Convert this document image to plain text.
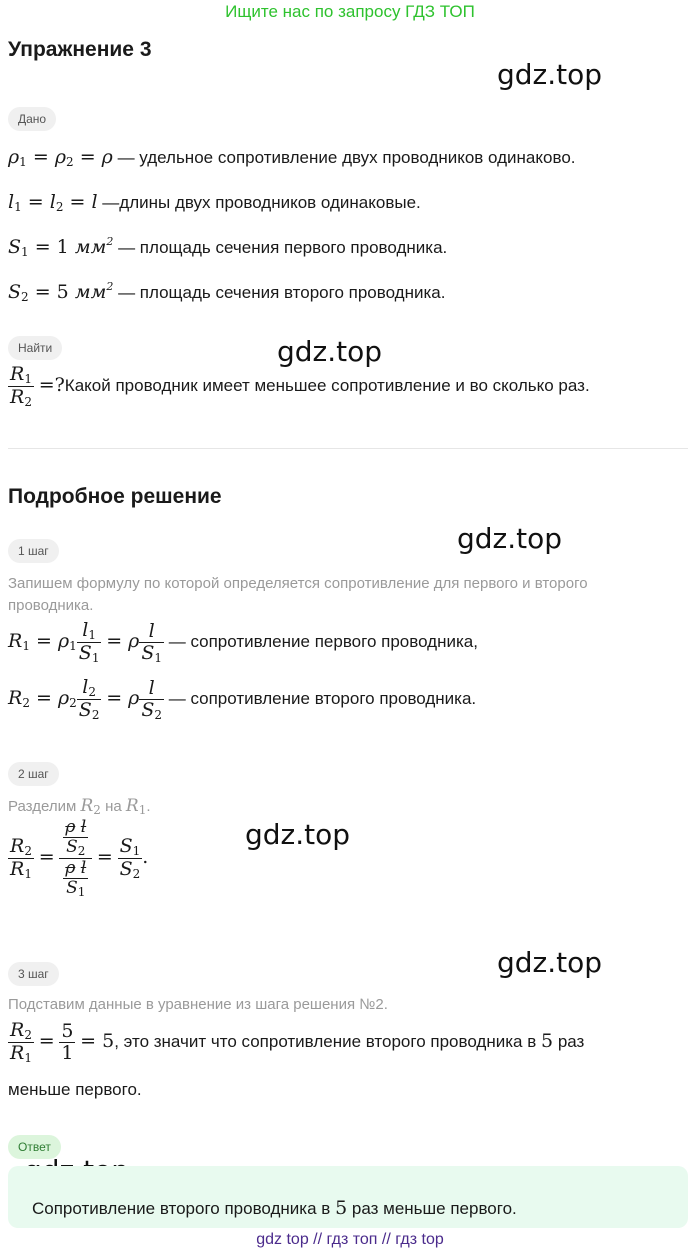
Ищите нас по запросу ГДЗ ТОП
Упражнение 3
gdz.top
gdz.top
gdz.top
gdz.top
gdz.top
Дано
$\rho_1 = \rho_2 = \rho$ — удельное сопротивление двух проводников одинаково.
$l_1 = l_2 = l$ —длины двух проводников одинаковые.
$S_1 = 1$ $мм^2$ — площадь сечения первого проводника.
$S_2 = 5$ $мм^2$ — площадь сечения второго проводника.
Найти
$\frac{R_1}{R_2}$ =?Какой проводник имеет меньшее сопротивление и во сколько раз.
Подробное решение
1 шаг
Запишем формулу по которой определяется сопротивление для первого и второго проводника.
$R_1 = \rho_1 \frac{l_1}{S_1} = \rho \frac{l}{S_1}$ — сопротивление первого проводника,
$R_2 = \rho_2 \frac{l_2}{S_2} = \rho \frac{l}{S_2}$ — сопротивление второго проводника.
2 шаг
Разделим $R_2$ на $R_1$.
$\frac{R_2}{R_1} = \frac{\frac{\text{ρ l}}{S_2}}{\frac{\text{ρ l}}{S_1}} = \frac{S_1}{S_2}$ .
3 шаг
Подставим данные в уравнение из шага решения №2.
$\frac{R_2}{R_1} = \frac{5}{1} = 5$, это значит что сопротивление второго проводника в 5 раз
меньше первого.
Ответ
Сопротивление второго проводника в 5 раз меньше первого.
gdz top // гдз топ // гдз top
